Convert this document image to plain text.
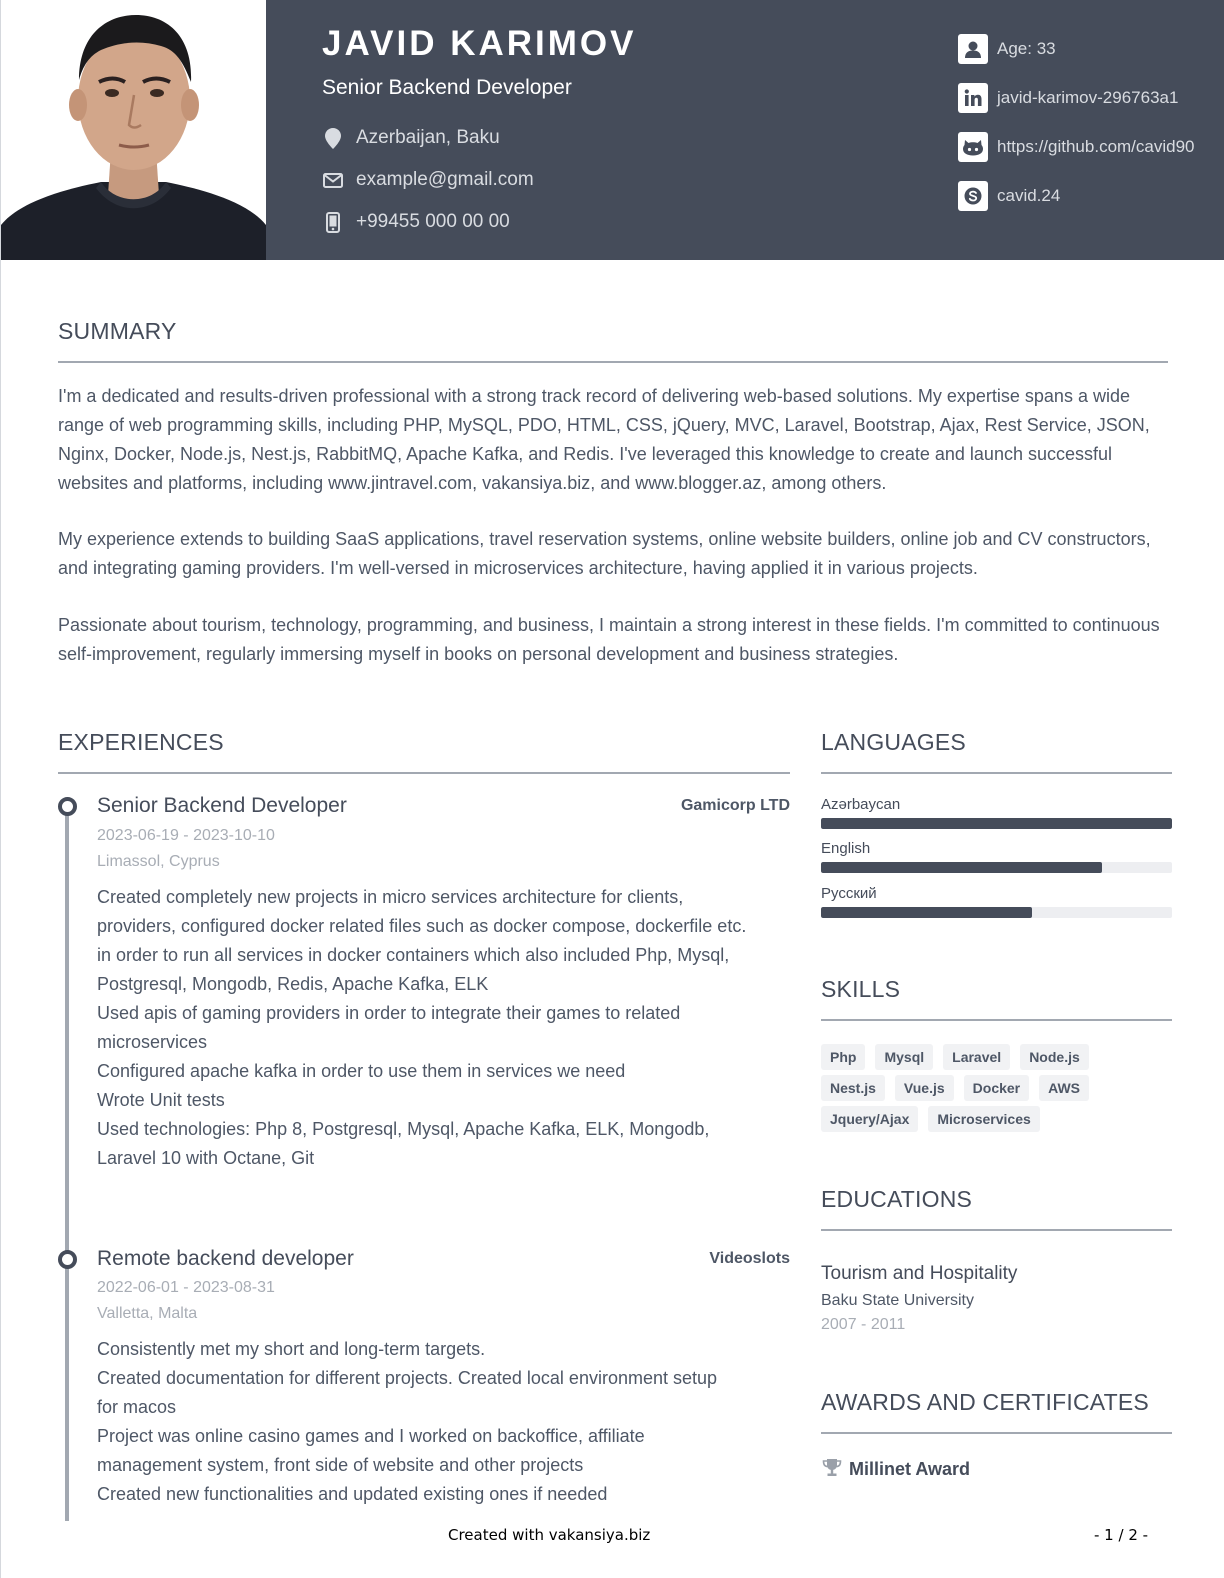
JAVID KARIMOV
Senior Backend Developer
Azerbaijan, Baku
example@gmail.com
+99455 000 00 00
Age: 33
javid-karimov-296763a1
https://github.com/cavid90
cavid.24
SUMMARY
I'm a dedicated and results-driven professional with a strong track record of delivering web-based solutions. My expertise spans a wide range of web programming skills, including PHP, MySQL, PDO, HTML, CSS, jQuery, MVC, Laravel, Bootstrap, Ajax, Rest Service, JSON, Nginx, Docker, Node.js, Nest.js, RabbitMQ, Apache Kafka, and Redis. I've leveraged this knowledge to create and launch successful websites and platforms, including www.jintravel.com, vakansiya.biz, and www.blogger.az, among others.
My experience extends to building SaaS applications, travel reservation systems, online website builders, online job and CV constructors, and integrating gaming providers. I'm well-versed in microservices architecture, having applied it in various projects.
Passionate about tourism, technology, programming, and business, I maintain a strong interest in these fields. I'm committed to continuous self-improvement, regularly immersing myself in books on personal development and business strategies.
EXPERIENCES
Senior Backend Developer	Gamicorp LTD
2023-06-19 - 2023-10-10
Limassol, Cyprus
Created completely new projects in micro services architecture for clients,
providers, configured docker related files such as docker compose, dockerfile etc.
in order to run all services in docker containers which also included Php, Mysql,
Postgresql, Mongodb, Redis, Apache Kafka, ELK
Used apis of gaming providers in order to integrate their games to related
microservices
Configured apache kafka in order to use them in services we need
Wrote Unit tests
Used technologies: Php 8, Postgresql, Mysql, Apache Kafka, ELK, Mongodb,
Laravel 10 with Octane, Git
Remote backend developer	Videoslots
2022-06-01 - 2023-08-31
Valletta, Malta
Consistently met my short and long-term targets.
Created documentation for different projects. Created local environment setup
for macos
Project was online casino games and I worked on backoffice, affiliate
management system, front side of website and other projects
Created new functionalities and updated existing ones if needed
LANGUAGES
Azərbaycan
English
Русский
SKILLS
Php	Mysql	Laravel	Node.js
Nest.js	Vue.js	Docker	AWS
Jquery/Ajax	Microservices
EDUCATIONS
Tourism and Hospitality
Baku State University
2007 - 2011
AWARDS AND CERTIFICATES
Millinet Award
Created with vakansiya.biz	- 1 / 2 -
